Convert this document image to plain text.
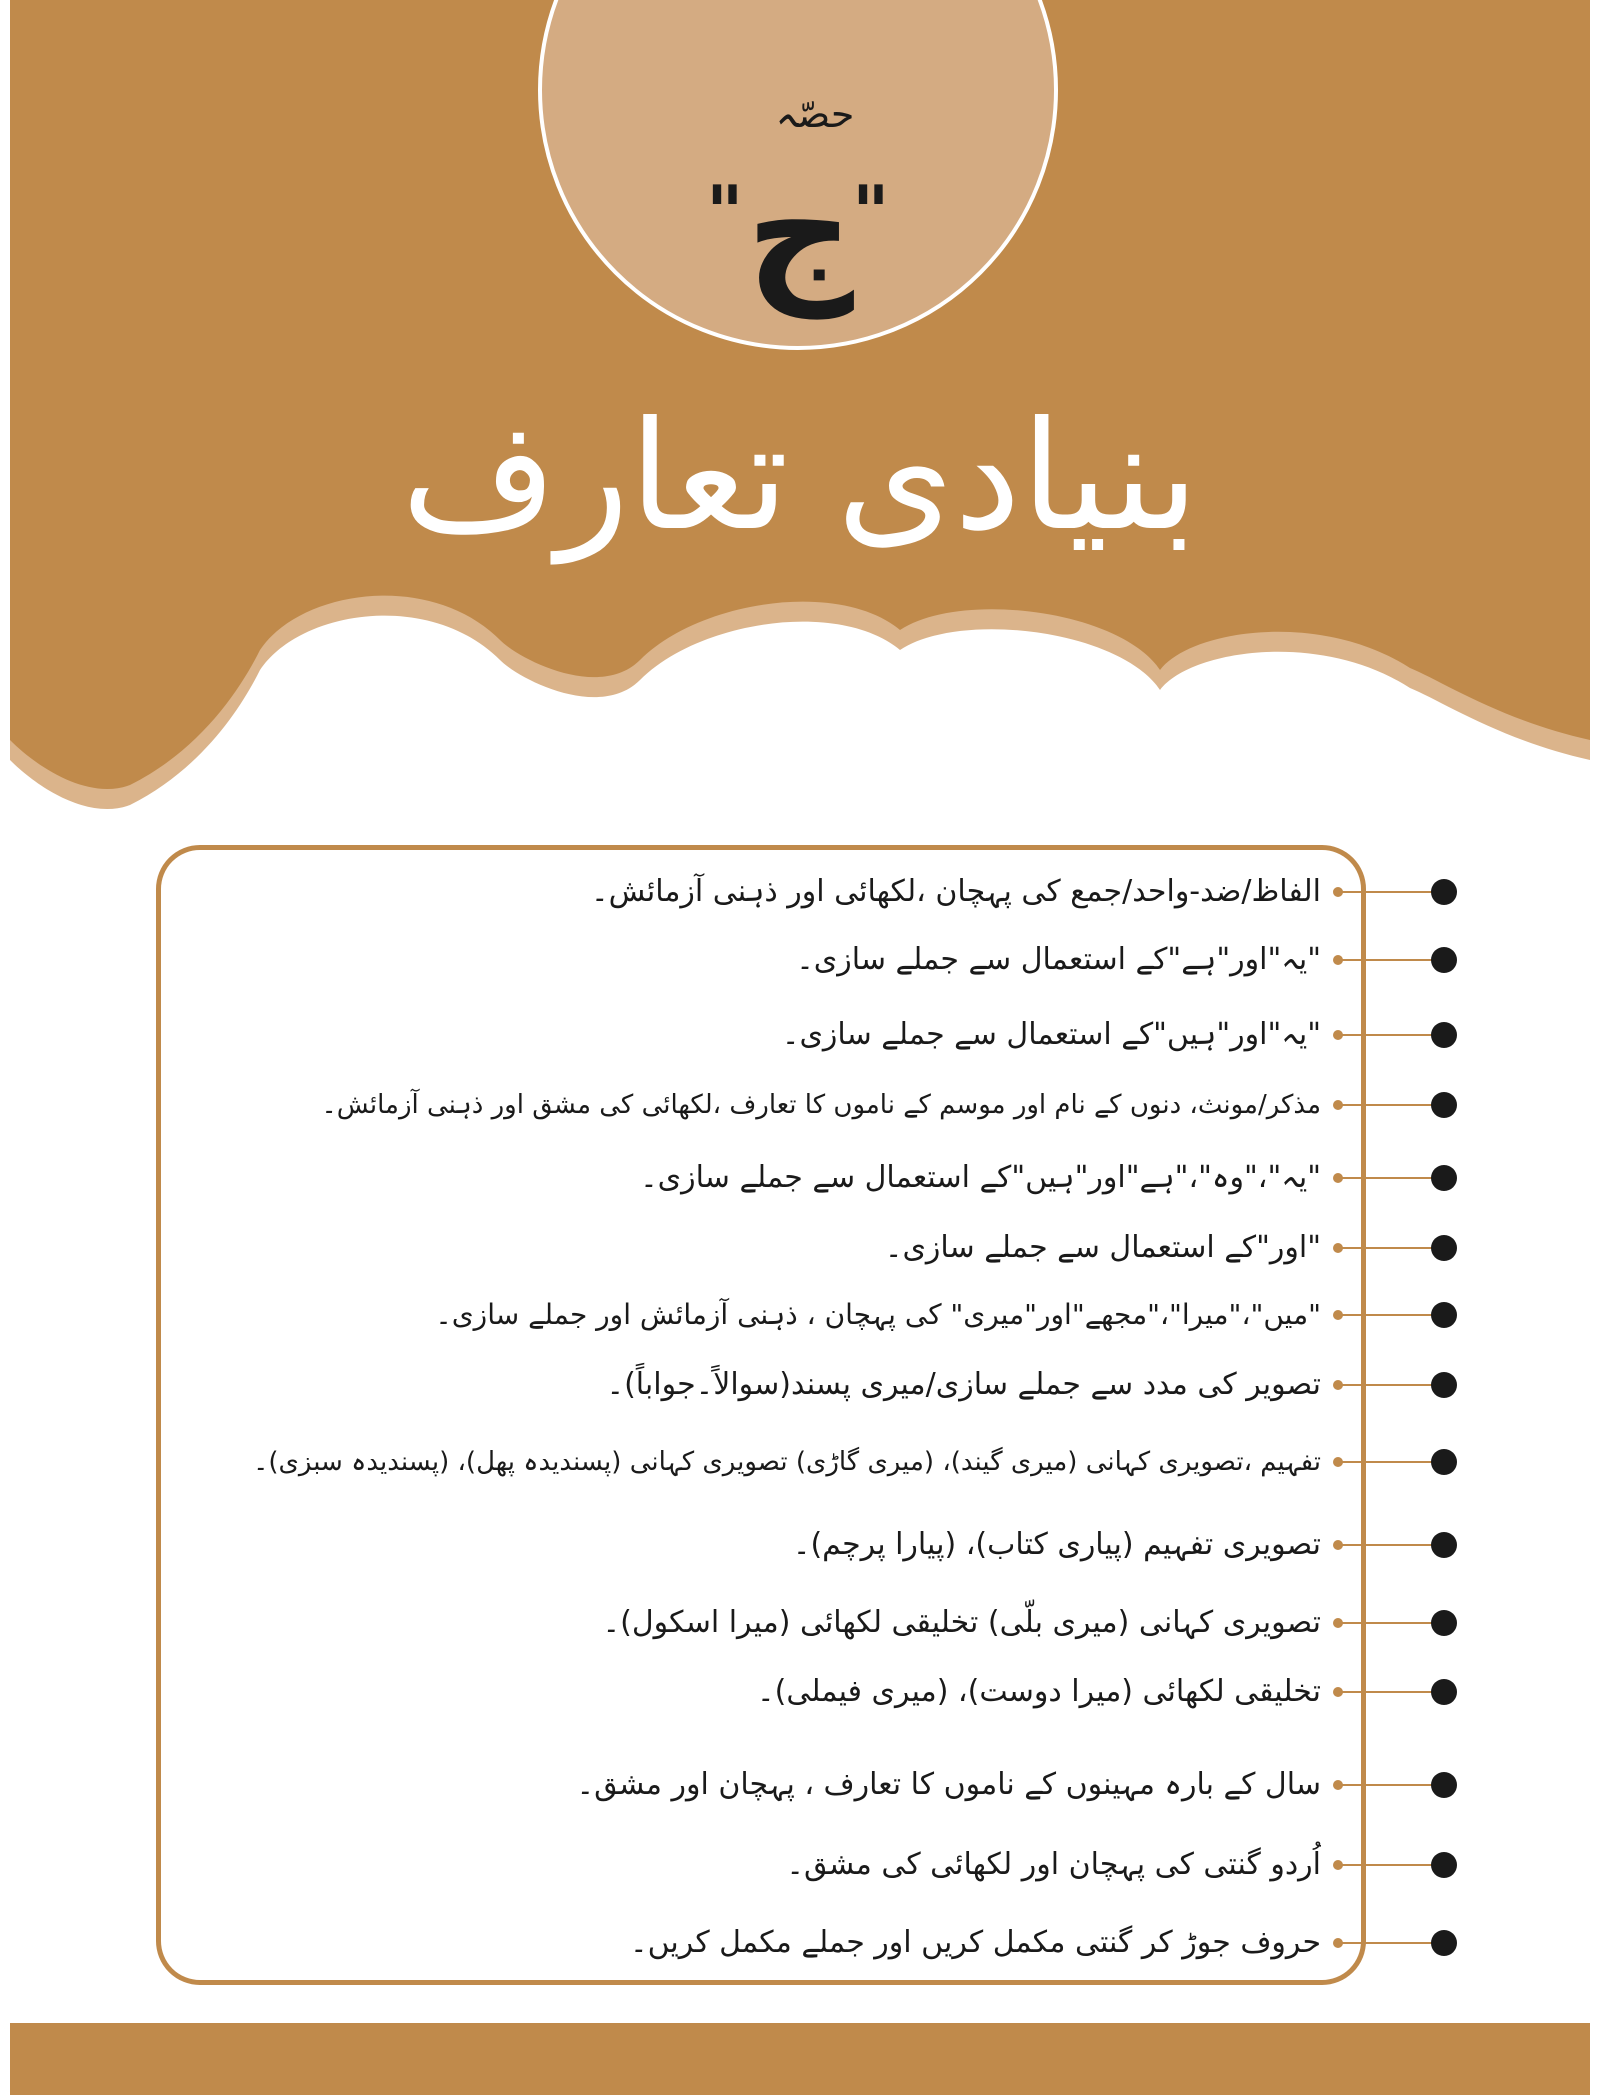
حصّہ
" "
ج
بنیادی تعارف
الفاظ/ضد-واحد/جمع کی پہچان ،لکھائی اور ذہنی آزمائش۔
"یہ"اور"ہے"کے استعمال سے جملے سازی۔
"یہ"اور"ہیں"کے استعمال سے جملے سازی۔
مذکر/مونث، دنوں کے نام اور موسم کے ناموں کا تعارف ،لکھائی کی مشق اور ذہنی آزمائش۔
"یہ"،"وہ"،"ہے"اور"ہیں"کے استعمال سے جملے سازی۔
"اور"کے استعمال سے جملے سازی۔
"میں"،"میرا"،"مجھے"اور"میری" کی پہچان ، ذہنی آزمائش اور جملے سازی۔
تصویر کی مدد سے جملے سازی/میری پسند(سوالاً۔جواباً)۔
تفہیم ،تصویری کہانی (میری گیند)، (میری گاڑی) تصویری کہانی (پسندیدہ پھل)، (پسندیدہ سبزی)۔
تصویری تفہیم (پیاری کتاب)، (پیارا پرچم)۔
تصویری کہانی (میری بلّی) تخلیقی لکھائی (میرا اسکول)۔
تخلیقی لکھائی (میرا دوست)، (میری فیملی)۔
سال کے بارہ مہینوں کے ناموں کا تعارف ، پہچان اور مشق۔
اُردو گنتی کی پہچان اور لکھائی کی مشق۔
حروف جوڑ کر گنتی مکمل کریں اور جملے مکمل کریں۔
